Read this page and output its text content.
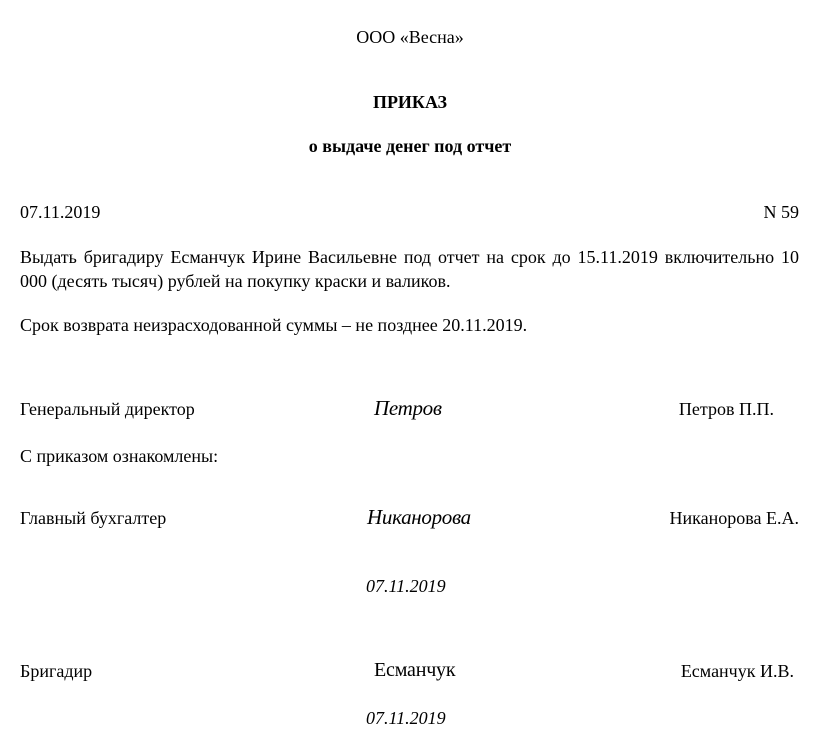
ООО «Весна»
ПРИКАЗ
о выдаче денег под отчет
07.11.2019	N 59
Выдать бригадиру Есманчук Ирине Васильевне под отчет на срок до 15.11.2019 включительно 10 000 (десять тысяч) рублей на покупку краски и валиков.
Срок возврата неизрасходованной суммы – не позднее 20.11.2019.
Генеральный директор	Петров	Петров П.П.
С приказом ознакомлены:
Главный бухгалтер	Никанорова	Никанорова Е.А.
07.11.2019
Бригадир	Есманчук	Есманчук И.В.
07.11.2019
